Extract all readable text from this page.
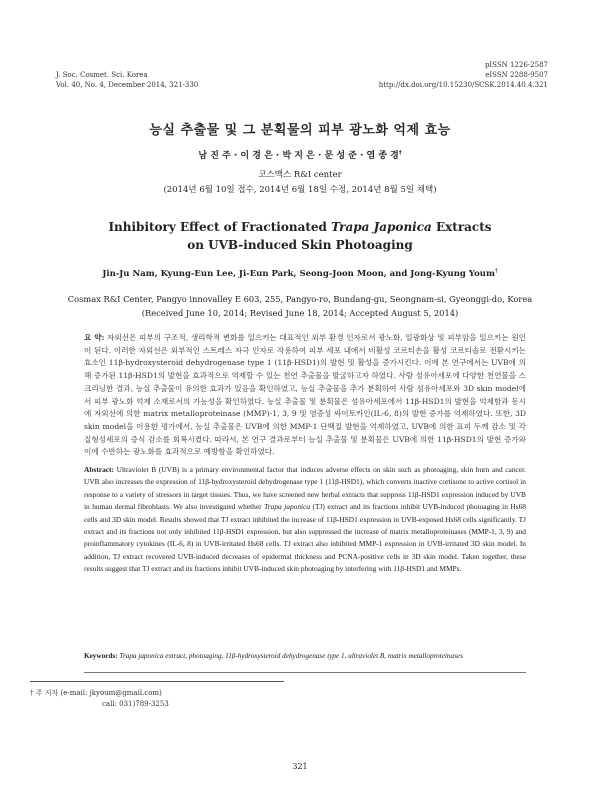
J. Soc. Cosmet. Sci. Korea
Vol. 40, No. 4, December 2014, 321-330
pISSN 1226-2587
eISSN 2288-9507
http://dx.doi.org/10.15230/SCSK.2014.40.4.321
능실 추출물 및 그 분획물의 피부 광노화 억제 효능
남 진 주 · 이 경 은 · 박 지 은 · 문 성 준 · 염 종 경†
코스맥스 R&I center
(2014년 6월 10일 접수, 2014년 6월 18일 수정, 2014년 8월 5일 채택)
Inhibitory Effect of Fractionated Trapa Japonica Extracts
on UVB-induced Skin Photoaging
Jin-Ju Nam, Kyung-Eun Lee, Ji-Eun Park, Seong-Joon Moon, and Jong-Kyung Youm†
Cosmax R&I Center, Pangyo innovalley E 603, 255, Pangyo-ro, Bundang-gu, Seongnam-si, Gyeonggi-do, Korea
(Received June 10, 2014; Revised June 18, 2014; Accepted August 5, 2014)
요 약: 자외선은 피부의 구조적, 생리학적 변화를 일으키는 대표적인 외부 환경 인자로서 광노화, 일광화상 및 피부암을 일으키는 원인이 된다. 이러한 자외선은 외부적인 스트레스 자극 인자로 작용하여 피부 세포 내에서 비활성 코르티손을 활성 코르티솔로 전환시키는 효소인 11β-hydroxysteroid dehydrogenase type 1 (11β-HSD1)의 발현 및 활성을 증가시킨다. 이에 본 연구에서는 UVB에 의해 증가된 11β-HSD1의 발현을 효과적으로 억제할 수 있는 천연 추출물을 발굴하고자 하였다. 사람 섬유아세포에 다양한 천연물을 스크리닝한 결과, 능실 추출물이 유의한 효과가 있음을 확인하였고, 능실 추출물을 추가 분획하여 사람 섬유아세포와 3D skin model에서 피부 광노화 억제 소재로서의 가능성을 확인하였다. 능실 추출물 및 분획물은 섬유아세포에서 11β-HSD1의 발현을 억제함과 동시에 자외선에 의한 matrix metalloproteinase (MMP)-1, 3, 9 및 염증성 싸이토카인(IL-6, 8)의 발현 증가를 억제하였다. 또한, 3D skin model을 이용한 평가에서, 능실 추출물은 UVB에 의한 MMP-1 단백질 발현을 억제하였고, UVB에 의한 표피 두께 감소 및 각질형성세포의 증식 감소를 회복시켰다. 따라서, 본 연구 결과로부터 능실 추출물 및 분획물은 UVB에 의한 11β-HSD1의 발현 증가와 이에 수반하는 광노화를 효과적으로 예방함을 확인하였다.
Abstract: Ultraviolet B (UVB) is a primary environmental factor that induces adverse effects on skin such as photoaging, skin burn and cancer. UVB also increases the expression of 11β-hydroxysteroid dehydrogenase type 1 (11β-HSD1), which converts inactive cortisone to active cortisol in response to a variety of stressors in target tissues. Thus, we have screened new herbal extracts that suppress 11β-HSD1 expression induced by UVB in human dermal fibroblasts. We also investigated whether Trapa japonica (TJ) extract and its fractions inhibit UVB-induced photoaging in Hs68 cells and 3D skin model. Results showed that TJ extract inhibited the increase of 11β-HSD1 expression in UVB-exposed Hs68 cells significantly. TJ extract and its fractions not only inhibited 11β-HSD1 expression, but also suppressed the increase of matrix metalloproteinases (MMP-1, 3, 9) and proinflammatory cytokines (IL-6, 8) in UVB-irritated Hs68 cells. TJ extract also inhibited MMP-1 expression in UVB-irritated 3D skin model. In addition, TJ extract recovered UVB-induced decreases of epidermal thickness and PCNA-positive cells in 3D skin model. Taken together, these results suggest that TJ extract and its fractions inhibit UVB-induced skin photoaging by interfering with 11β-HSD1 and MMPs.
Keywords: Trapa japonica extract, photoaging, 11β-hydroxysteroid dehydrogenase type 1, ultraviolet B, matrix metalloproteinases
† 주 저자 (e-mail: jkyoum@gmail.com)
call: 031)789-3253
321
